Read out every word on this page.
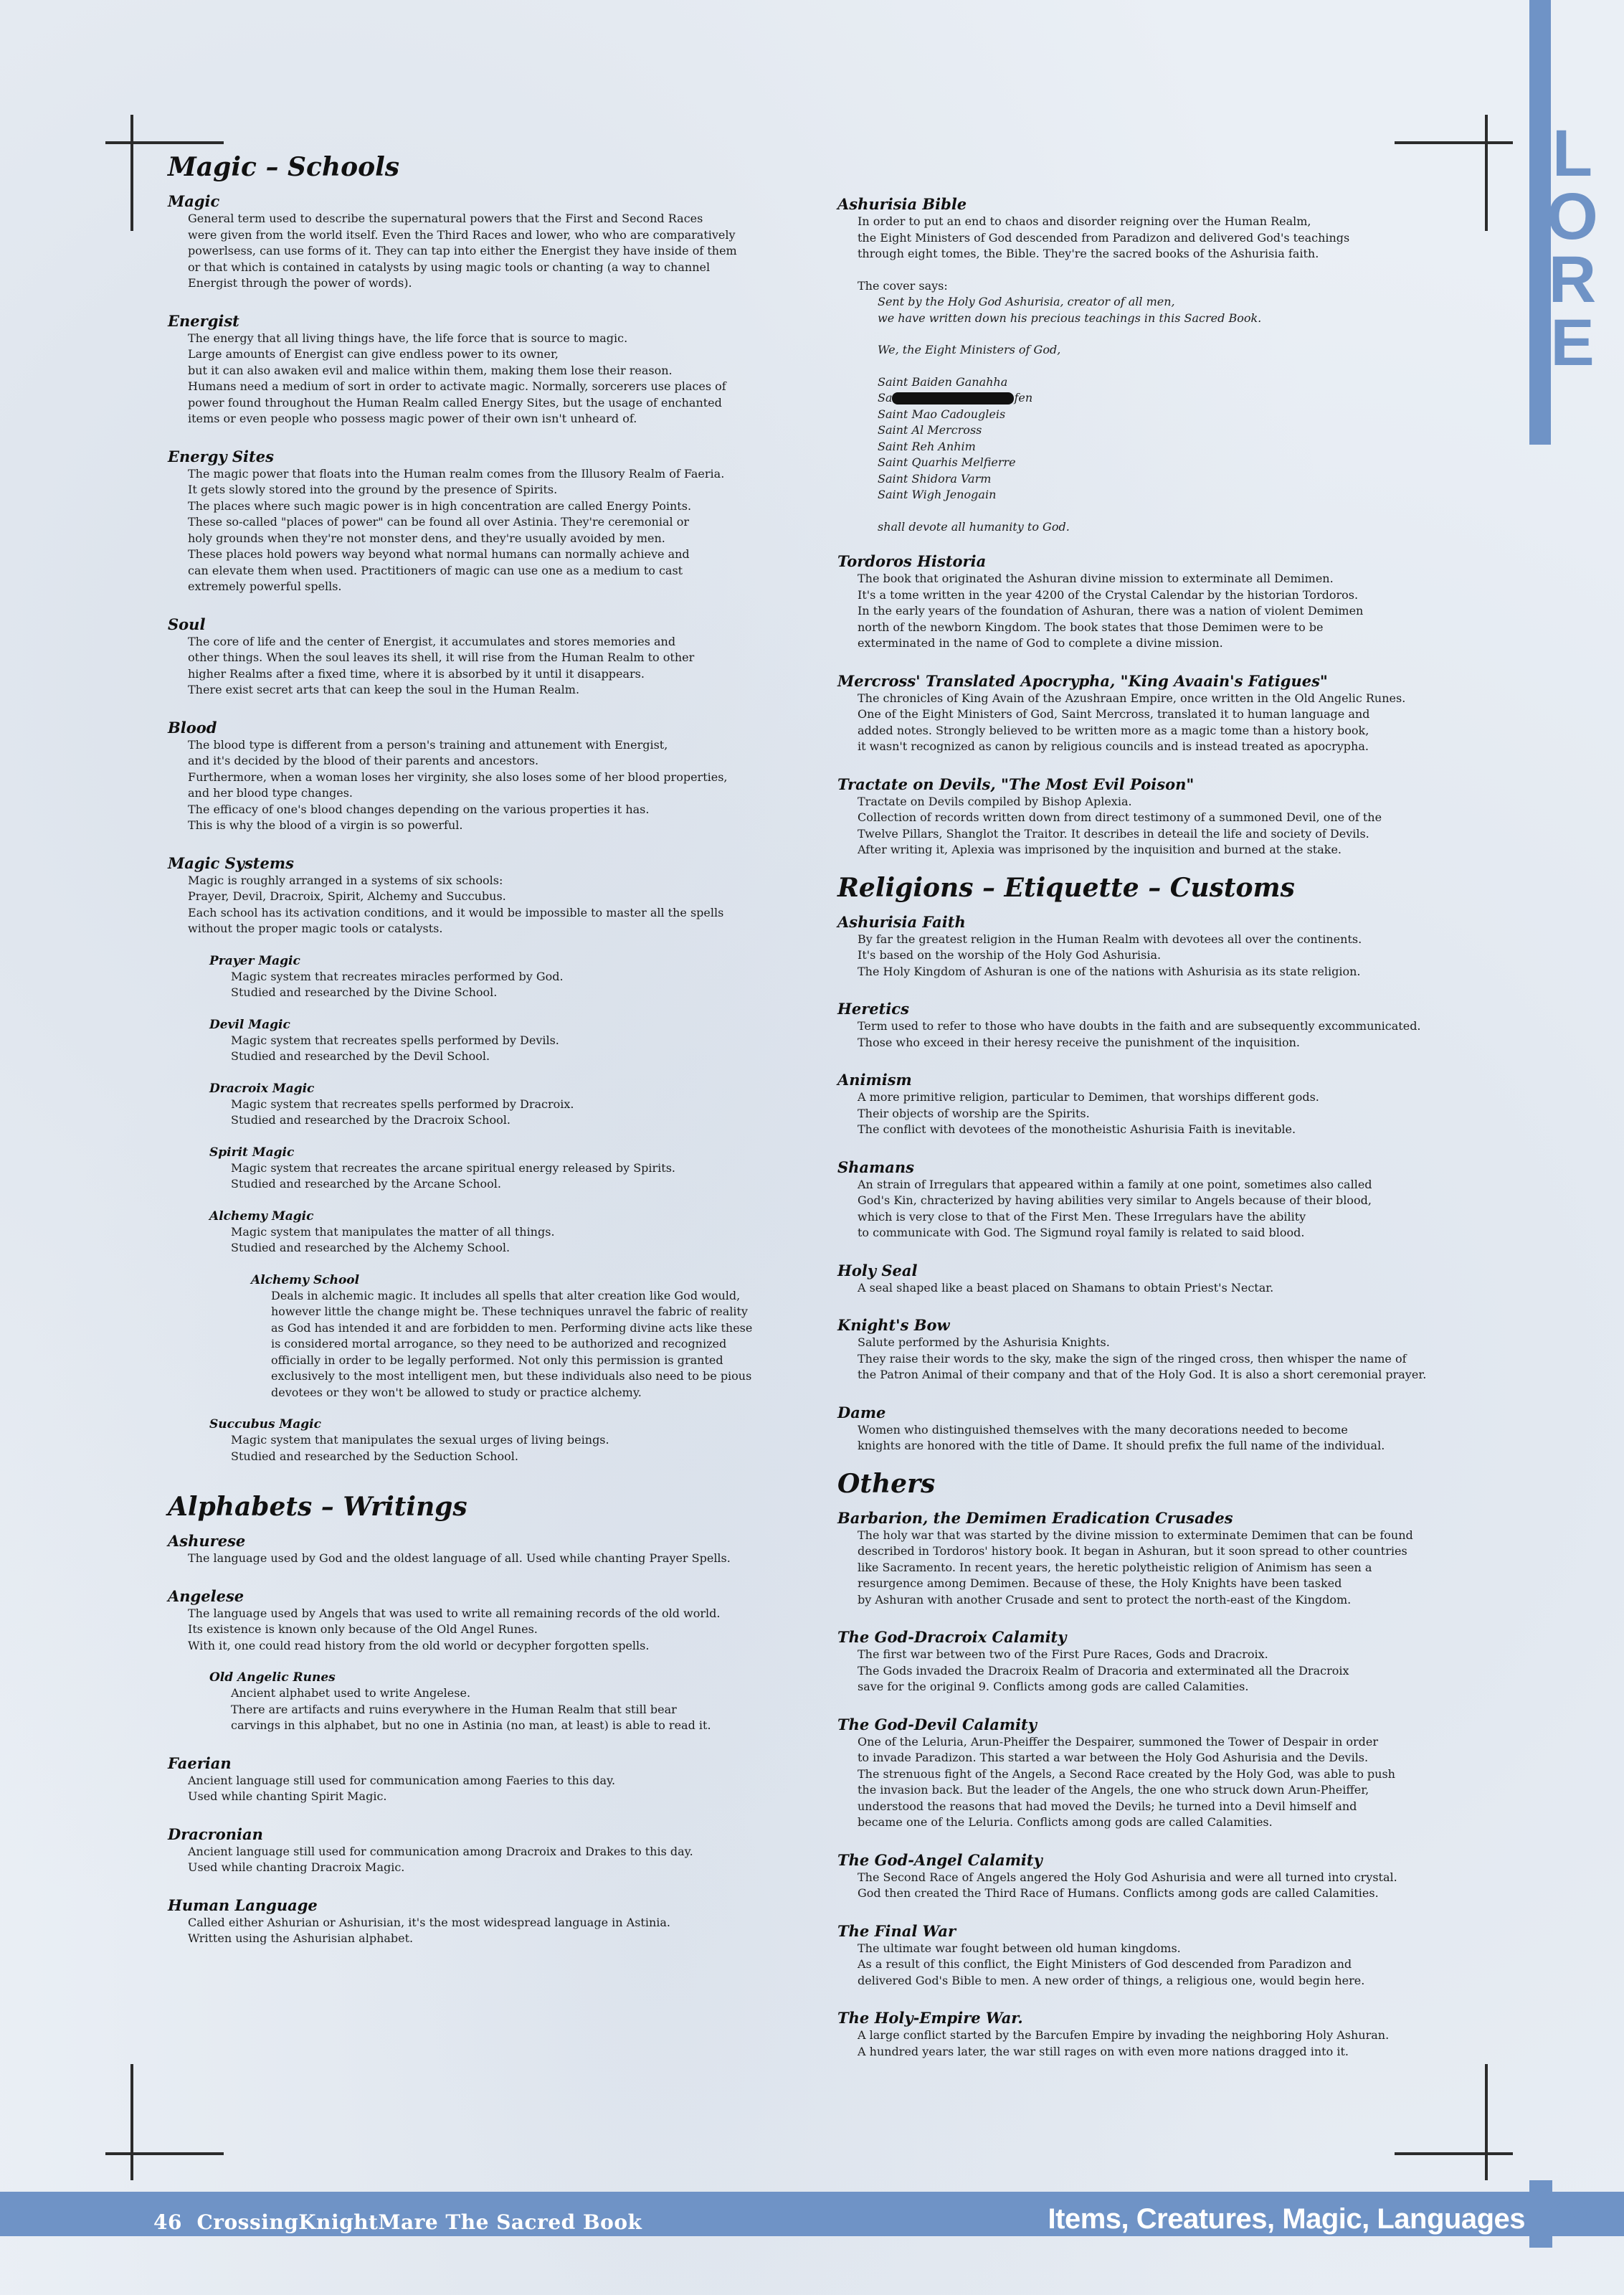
L
O
R
E
Magic – Schools
Magic

General term used to describe the supernatural powers that the First and Second Races

were given from the world itself. Even the Third Races and lower, who who are comparatively

powerlsess, can use forms of it. They can tap into either the Energist they have inside of them

or that which is contained in catalysts by using magic tools or chanting (a way to channel

Energist through the power of words).

Energist

The energy that all living things have, the life force that is source to magic.

Large amounts of Energist can give endless power to its owner,

but it can also awaken evil and malice within them, making them lose their reason.

Humans need a medium of sort in order to activate magic. Normally, sorcerers use places of

power found throughout the Human Realm called Energy Sites, but the usage of enchanted

items or even people who possess magic power of their own isn't unheard of.

Energy Sites

The magic power that floats into the Human realm comes from the Illusory Realm of Faeria.

It gets slowly stored into the ground by the presence of Spirits.

The places where such magic power is in high concentration are called Energy Points.

These so-called "places of power" can be found all over Astinia. They're ceremonial or

holy grounds when they're not monster dens, and they're usually avoided by men.

These places hold powers way beyond what normal humans can normally achieve and

can elevate them when used. Practitioners of magic can use one as a medium to cast

extremely powerful spells.

Soul

The core of life and the center of Energist, it accumulates and stores memories and

other things. When the soul leaves its shell, it will rise from the Human Realm to other

higher Realms after a fixed time, where it is absorbed by it until it disappears.

There exist secret arts that can keep the soul in the Human Realm.

Blood

The blood type is different from a person's training and attunement with Energist,

and it's decided by the blood of their parents and ancestors.

Furthermore, when a woman loses her virginity, she also loses some of her blood properties,

and her blood type changes.

The efficacy of one's blood changes depending on the various properties it has.

This is why the blood of a virgin is so powerful.

Magic Systems

Magic is roughly arranged in a systems of six schools:

Prayer, Devil, Dracroix, Spirit, Alchemy and Succubus.

Each school has its activation conditions, and it would be impossible to master all the spells

without the proper magic tools or catalysts.

Prayer Magic

Magic system that recreates miracles performed by God.

Studied and researched by the Divine School.

Devil Magic

Magic system that recreates spells performed by Devils.

Studied and researched by the Devil School.

Dracroix Magic

Magic system that recreates spells performed by Dracroix.

Studied and researched by the Dracroix School.

Spirit Magic

Magic system that recreates the arcane spiritual energy released by Spirits.

Studied and researched by the Arcane School.

Alchemy Magic

Magic system that manipulates the matter of all things.

Studied and researched by the Alchemy School.

Alchemy School

Deals in alchemic magic. It includes all spells that alter creation like God would,

however little the change might be. These techniques unravel the fabric of reality

as God has intended it and are forbidden to men. Performing divine acts like these

is considered mortal arrogance, so they need to be authorized and recognized

officially in order to be legally performed. Not only this permission is granted

exclusively to the most intelligent men, but these individuals also need to be pious

devotees or they won't be allowed to study or practice alchemy.

Succubus Magic

Magic system that manipulates the sexual urges of living beings.

Studied and researched by the Seduction School.

Alphabets – Writings
Ashurese

The language used by God and the oldest language of all. Used while chanting Prayer Spells.

Angelese

The language used by Angels that was used to write all remaining records of the old world.

Its existence is known only because of the Old Angel Runes.

With it, one could read history from the old world or decypher forgotten spells.

Old Angelic Runes

Ancient alphabet used to write Angelese.

There are artifacts and ruins everywhere in the Human Realm that still bear

carvings in this alphabet, but no one in Astinia (no man, at least) is able to read it.

Faerian

Ancient language still used for communication among Faeries to this day.

Used while chanting Spirit Magic.

Dracronian

Ancient language still used for communication among Dracroix and Drakes to this day.

Used while chanting Dracroix Magic.

Human Language

Called either Ashurian or Ashurisian, it's the most widespread language in Astinia.

Written using the Ashurisian alphabet.

Ashurisia Bible

In order to put an end to chaos and disorder reigning over the Human Realm,

the Eight Ministers of God descended from Paradizon and delivered God's teachings

through eight tomes, the Bible. They're the sacred books of the Ashurisia faith.

The cover says:

Sent by the Holy God Ashurisia, creator of all men,

we have written down his precious teachings in this Sacred Book.

We, the Eight Ministers of God,

Saint Baiden Ganahha

Sa	fen

Saint Mao Cadougleis

Saint Al Mercross

Saint Reh Anhim

Saint Quarhis Melfierre

Saint Shidora Varm

Saint Wigh Jenogain

shall devote all humanity to God.

Tordoros Historia

The book that originated the Ashuran divine mission to exterminate all Demimen.

It's a tome written in the year 4200 of the Crystal Calendar by the historian Tordoros.

In the early years of the foundation of Ashuran, there was a nation of violent Demimen

north of the newborn Kingdom. The book states that those Demimen were to be

exterminated in the name of God to complete a divine mission.

Mercross' Translated Apocrypha, "King Avaain's Fatigues"

The chronicles of King Avain of the Azushraan Empire, once written in the Old Angelic Runes.

One of the Eight Ministers of God, Saint Mercross, translated it to human language and

added notes. Strongly believed to be written more as a magic tome than a history book,

it wasn't recognized as canon by religious councils and is instead treated as apocrypha.

Tractate on Devils, "The Most Evil Poison"

Tractate on Devils compiled by Bishop Aplexia.

Collection of records written down from direct testimony of a summoned Devil, one of the

Twelve Pillars, Shanglot the Traitor. It describes in deteail the life and society of Devils.

After writing it, Aplexia was imprisoned by the inquisition and burned at the stake.

Religions – Etiquette – Customs
Ashurisia Faith

By far the greatest religion in the Human Realm with devotees all over the continents.

It's based on the worship of the Holy God Ashurisia.

The Holy Kingdom of Ashuran is one of the nations with Ashurisia as its state religion.

Heretics

Term used to refer to those who have doubts in the faith and are subsequently excommunicated.

Those who exceed in their heresy receive the punishment of the inquisition.

Animism

A more primitive religion, particular to Demimen, that worships different gods.

Their objects of worship are the Spirits.

The conflict with devotees of the monotheistic Ashurisia Faith is inevitable.

Shamans

An strain of Irregulars that appeared within a family at one point, sometimes also called

God's Kin, chracterized by having abilities very similar to Angels because of their blood,

which is very close to that of the First Men. These Irregulars have the ability

to communicate with God. The Sigmund royal family is related to said blood.

Holy Seal

A seal shaped like a beast placed on Shamans to obtain Priest's Nectar.

Knight's Bow

Salute performed by the Ashurisia Knights.

They raise their words to the sky, make the sign of the ringed cross, then whisper the name of

the Patron Animal of their company and that of the Holy God. It is also a short ceremonial prayer.

Dame

Women who distinguished themselves with the many decorations needed to become

knights are honored with the title of Dame. It should prefix the full name of the individual.

Others
Barbarion, the Demimen Eradication Crusades

The holy war that was started by the divine mission to exterminate Demimen that can be found

described in Tordoros' history book. It began in Ashuran, but it soon spread to other countries

like Sacramento. In recent years, the heretic polytheistic religion of Animism has seen a

resurgence among Demimen. Because of these, the Holy Knights have been tasked

by Ashuran with another Crusade and sent to protect the north-east of the Kingdom.

The God-Dracroix Calamity

The first war between two of the First Pure Races, Gods and Dracroix.

The Gods invaded the Dracroix Realm of Dracoria and exterminated all the Dracroix

save for the original 9. Conflicts among gods are called Calamities.

The God-Devil Calamity

One of the Leluria, Arun-Pheiffer the Despairer, summoned the Tower of Despair in order

to invade Paradizon. This started a war between the Holy God Ashurisia and the Devils.

The strenuous fight of the Angels, a Second Race created by the Holy God, was able to push

the invasion back. But the leader of the Angels, the one who struck down Arun-Pheiffer,

understood the reasons that had moved the Devils; he turned into a Devil himself and

became one of the Leluria. Conflicts among gods are called Calamities.

The God-Angel Calamity

The Second Race of Angels angered the Holy God Ashurisia and were all turned into crystal.

God then created the Third Race of Humans. Conflicts among gods are called Calamities.

The Final War

The ultimate war fought between old human kingdoms.

As a result of this conflict, the Eight Ministers of God descended from Paradizon and

delivered God's Bible to men. A new order of things, a religious one, would begin here.

The Holy-Empire War.

A large conflict started by the Barcufen Empire by invading the neighboring Holy Ashuran.

A hundred years later, the war still rages on with even more nations dragged into it.

46 CrossingKnightMare The Sacred Book	Items, Creatures, Magic, Languages 46
